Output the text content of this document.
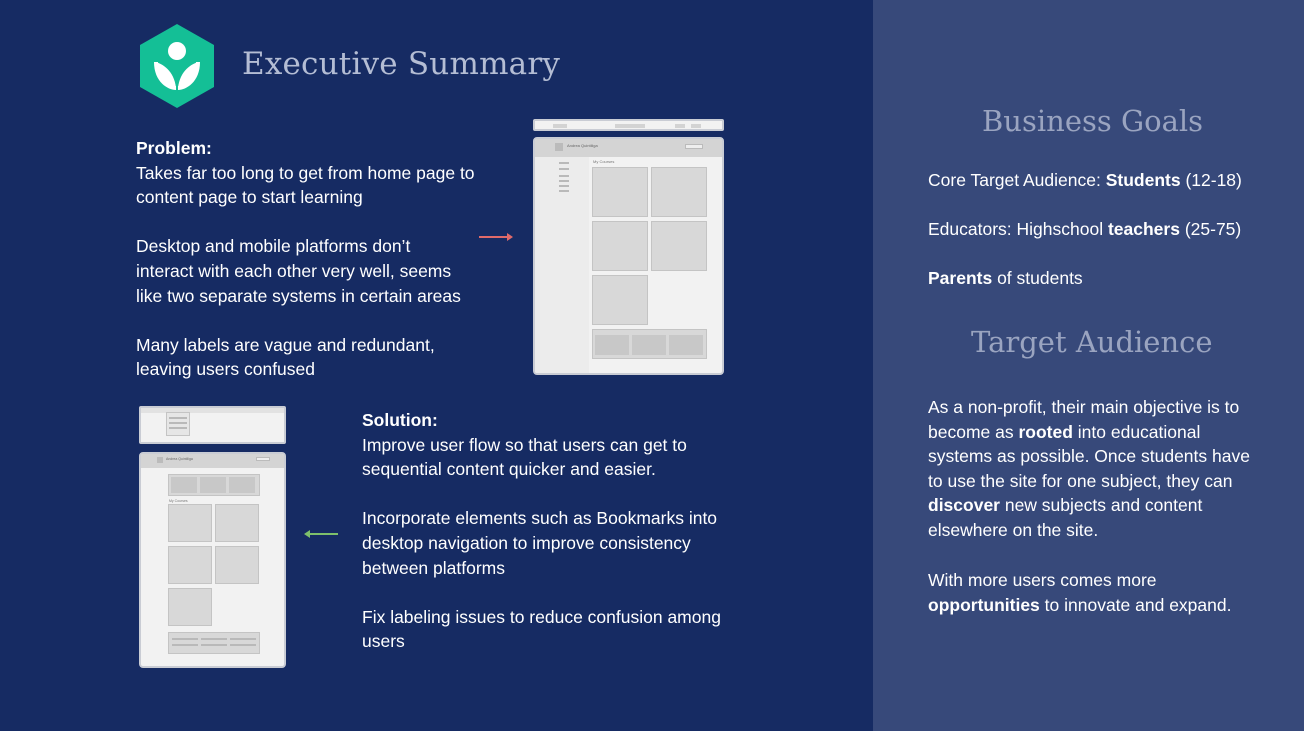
Executive Summary
Problem:
Takes far too long to get from home page to
content page to start learning
Desktop and mobile platforms don’t
interact with each other very well, seems
like two separate systems in certain areas
Many labels are vague and redundant,
leaving users confused
Andrea Quintiliga
My Courses
Andrea Quintiliga
My Courses
Solution:
Improve user flow so that users can get to
sequential content quicker and easier.
Incorporate elements such as Bookmarks into
desktop navigation to improve consistency
between platforms
Fix labeling issues to reduce confusion among
users
Business Goals
Core Target Audience: Students (12-18)
Educators: Highschool teachers (25-75)
Parents of students
Target Audience
As a non-profit, their main objective is to become as rooted into educational systems as possible. Once students have to use the site for one subject, they can discover new subjects and content elsewhere on the site.
With more users comes more opportunities to innovate and expand.
